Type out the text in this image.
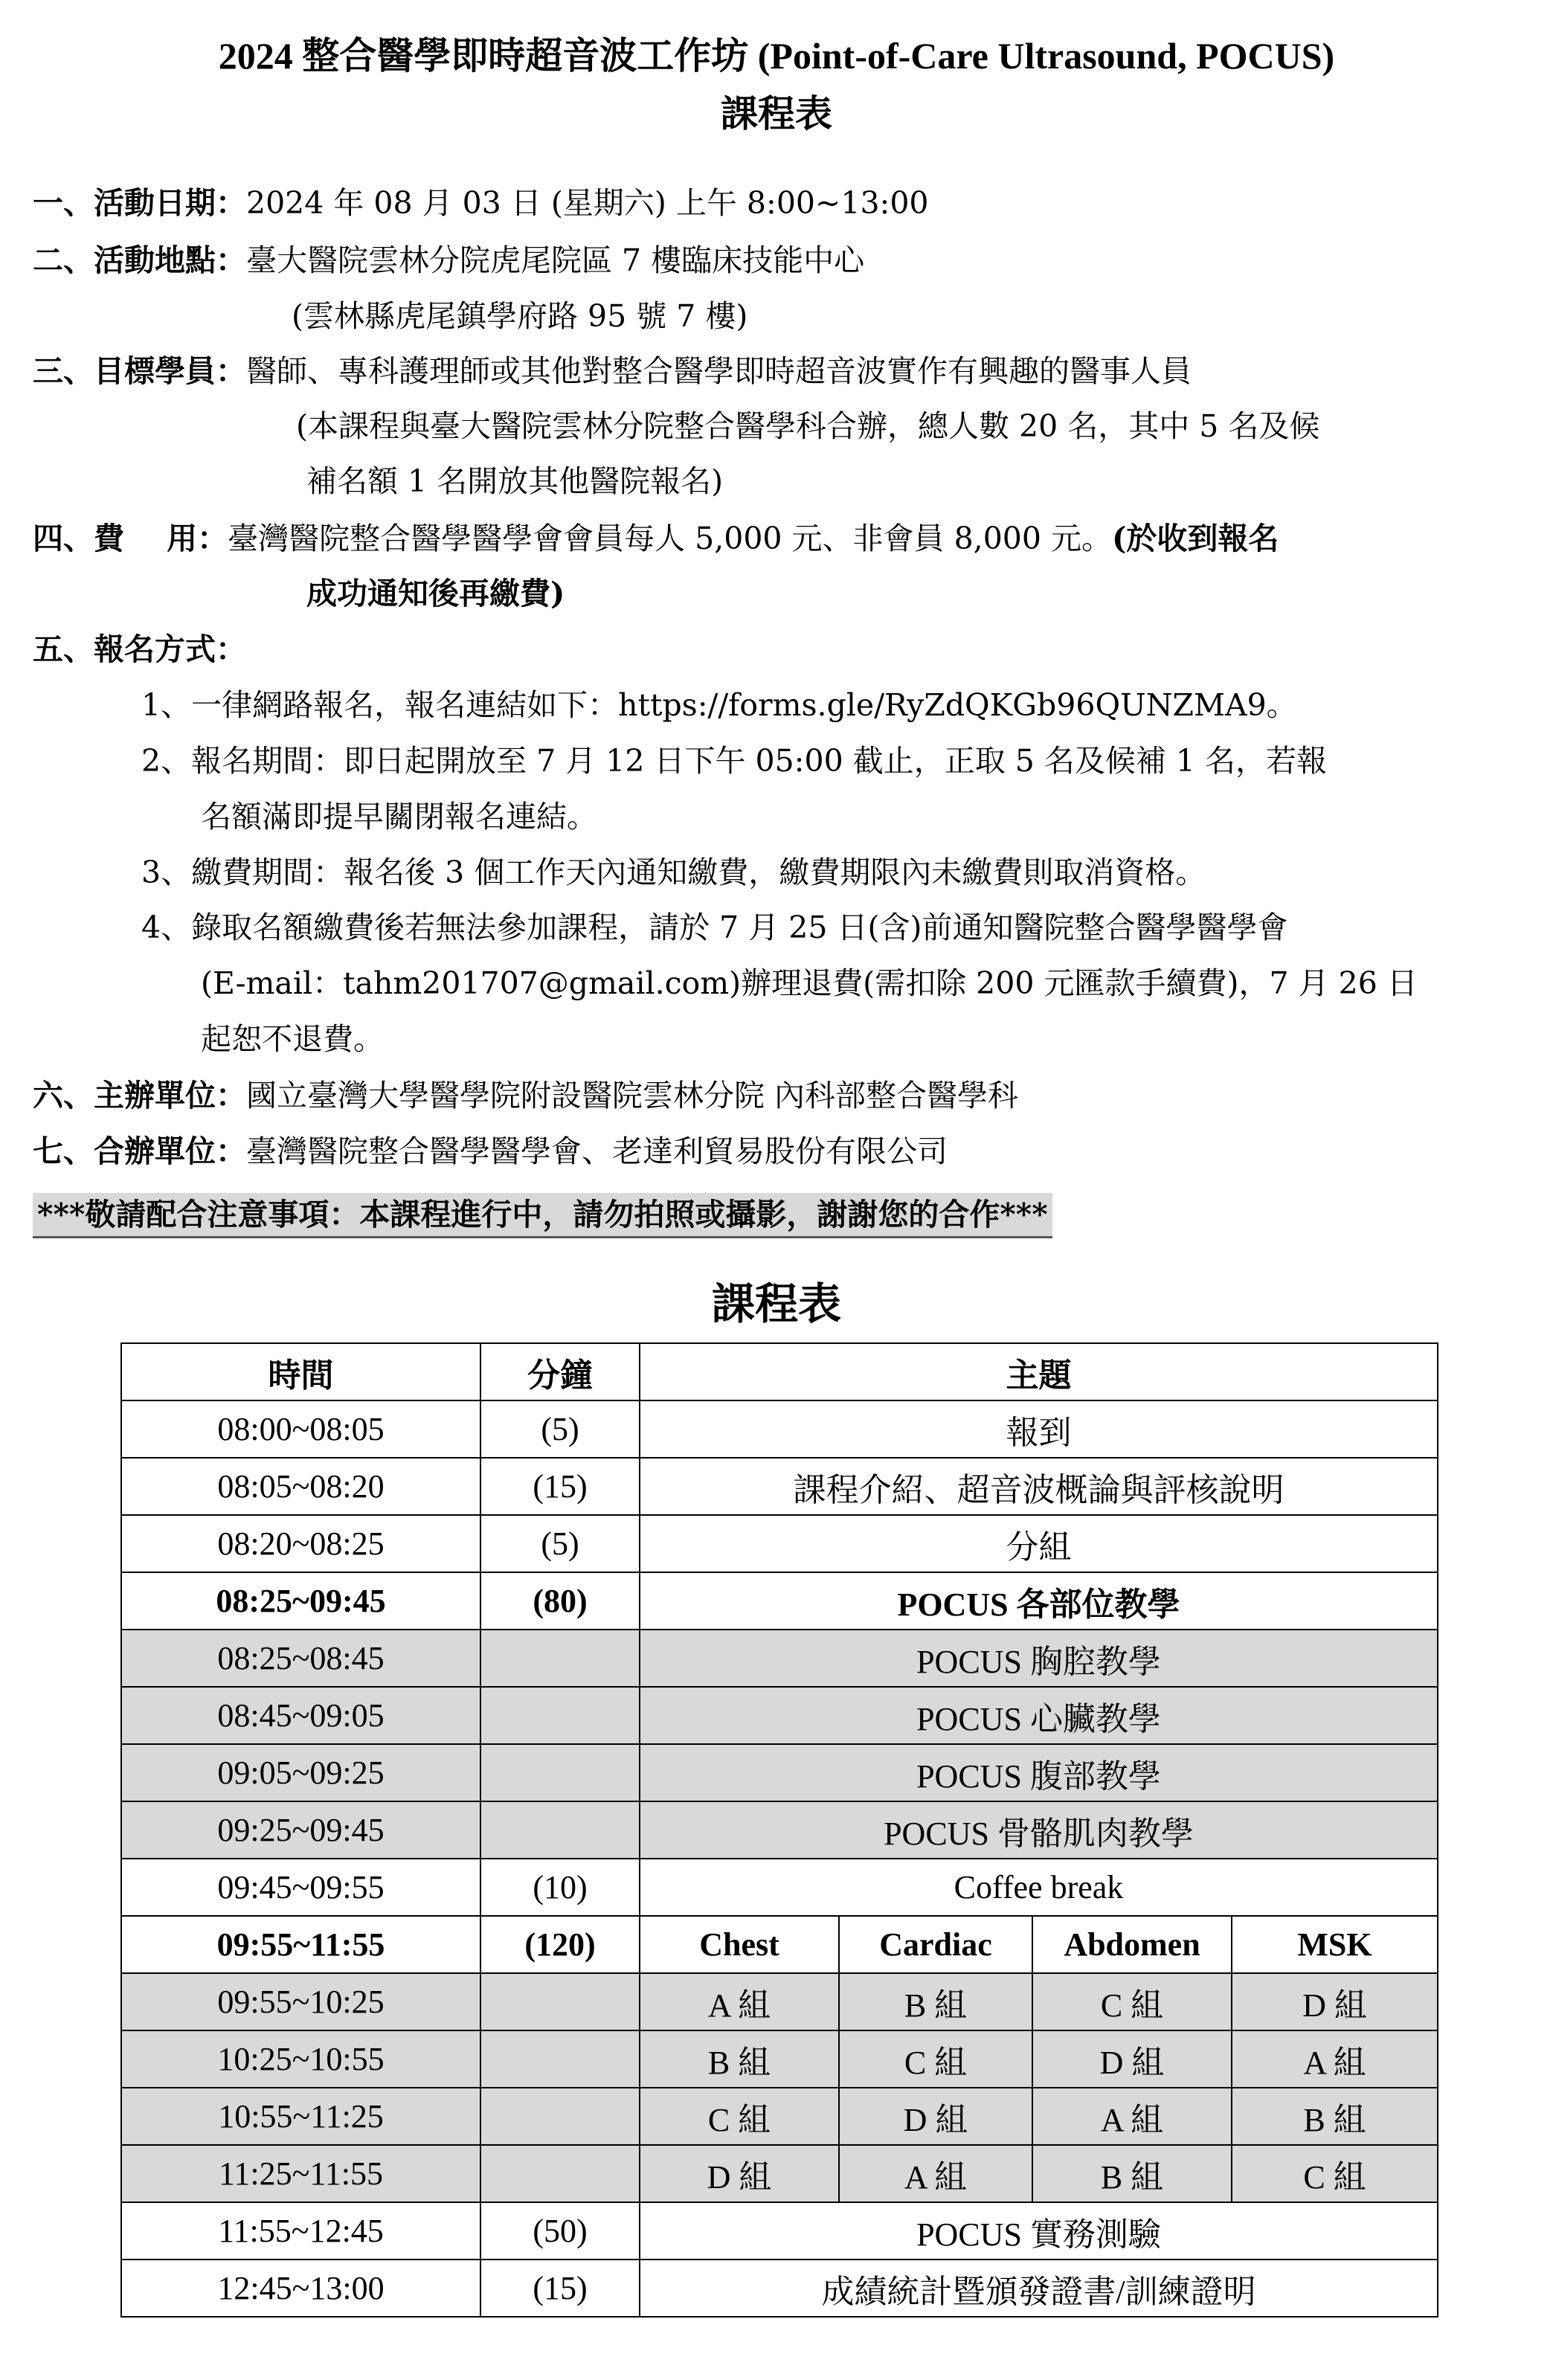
2024 整合醫學即時超音波工作坊 (Point-of-Care Ultrasound, POCUS)
課程表
一、活動日期：2024 年 08 月 03 日 (星期六) 上午 8:00~13:00
二、活動地點：臺大醫院雲林分院虎尾院區 7 樓臨床技能中心
(雲林縣虎尾鎮學府路 95 號 7 樓)
三、目標學員：醫師、專科護理師或其他對整合醫學即時超音波實作有興趣的醫事人員
(本課程與臺大醫院雲林分院整合醫學科合辦，總人數 20 名，其中 5 名及候
補名額 1 名開放其他醫院報名)
四、費    用：臺灣醫院整合醫學醫學會會員每人 5,000 元、非會員 8,000 元。(於收到報名
成功通知後再繳費)
五、報名方式：
1、一律網路報名，報名連結如下：https://forms.gle/RyZdQKGb96QUNZMA9。
2、報名期間：即日起開放至 7 月 12 日下午 05:00 截止，正取 5 名及候補 1 名，若報
名額滿即提早關閉報名連結。
3、繳費期間：報名後 3 個工作天內通知繳費，繳費期限內未繳費則取消資格。
4、錄取名額繳費後若無法參加課程，請於 7 月 25 日(含)前通知醫院整合醫學醫學會
(E-mail：tahm201707@gmail.com)辦理退費(需扣除 200 元匯款手續費)，7 月 26 日
起恕不退費。
六、主辦單位：國立臺灣大學醫學院附設醫院雲林分院 內科部整合醫學科
七、合辦單位：臺灣醫院整合醫學醫學會、老達利貿易股份有限公司
***敬請配合注意事項：本課程進行中，請勿拍照或攝影，謝謝您的合作***
課程表
時間	分鐘	主題			
08:00~08:05	(5)	報到			
08:05~08:20	(15)	課程介紹、超音波概論與評核說明			
08:20~08:25	(5)	分組			
08:25~09:45	(80)	POCUS 各部位教學			
08:25~08:45		POCUS 胸腔教學			
08:45~09:05		POCUS 心臟教學			
09:05~09:25		POCUS 腹部教學			
09:25~09:45		POCUS 骨骼肌肉教學			
09:45~09:55	(10)	Coffee break			
09:55~11:55	(120)	Chest	Cardiac	Abdomen	MSK
09:55~10:25		A 組	B 組	C 組	D 組
10:25~10:55		B 組	C 組	D 組	A 組
10:55~11:25		C 組	D 組	A 組	B 組
11:25~11:55		D 組	A 組	B 組	C 組
11:55~12:45	(50)	POCUS 實務測驗			
12:45~13:00	(15)	成績統計暨頒發證書/訓練證明			
